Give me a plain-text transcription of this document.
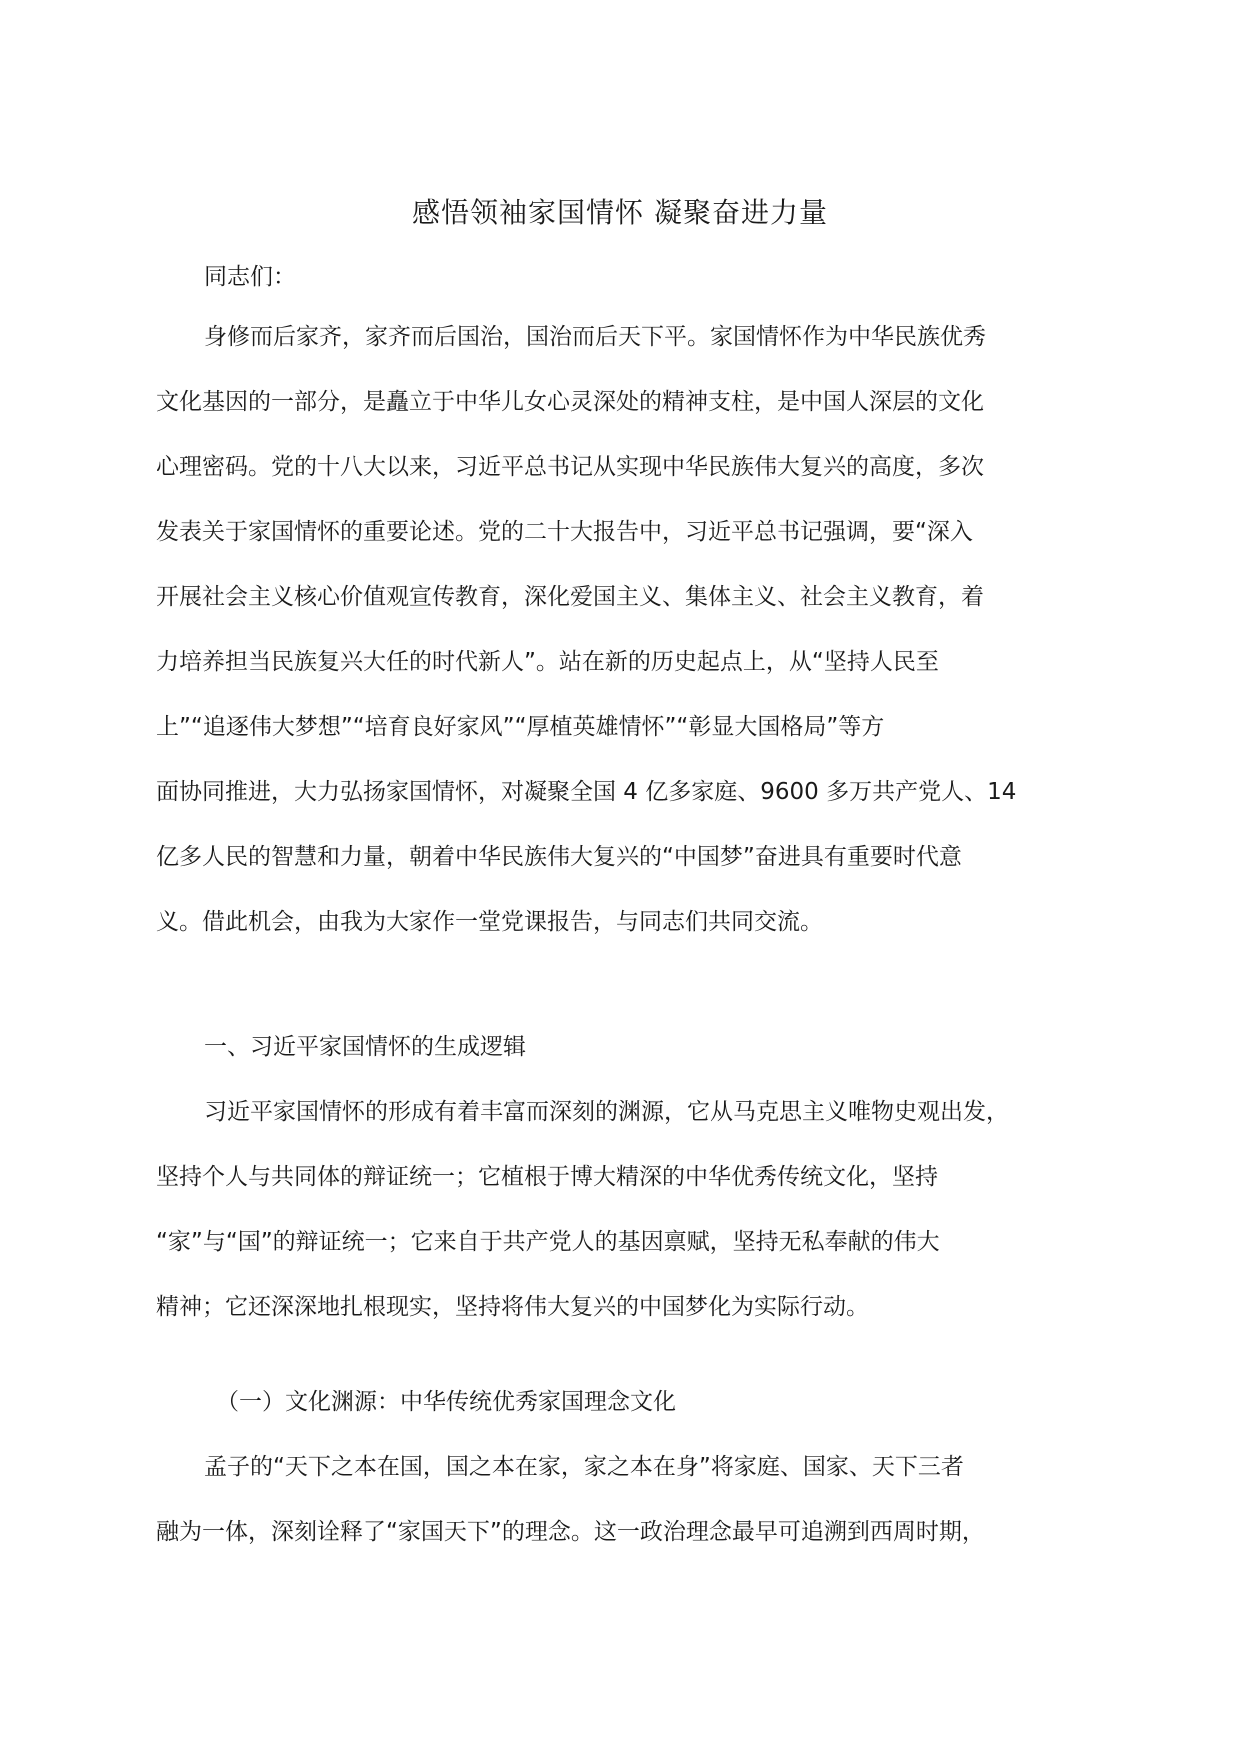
感悟领袖家国情怀 凝聚奋进力量
同志们：
身修而后家齐，家齐而后国治，国治而后天下平。家国情怀作为中华民族优秀
文化基因的一部分，是矗立于中华儿女心灵深处的精神支柱，是中国人深层的文化
心理密码。党的十八大以来，习近平总书记从实现中华民族伟大复兴的高度，多次
发表关于家国情怀的重要论述。党的二十大报告中，习近平总书记强调，要“深入
开展社会主义核心价值观宣传教育，深化爱国主义、集体主义、社会主义教育，着
力培养担当民族复兴大任的时代新人”。站在新的历史起点上，从“坚持人民至
上”“追逐伟大梦想”“培育良好家风”“厚植英雄情怀”“彰显大国格局”等方
面协同推进，大力弘扬家国情怀，对凝聚全国 4 亿多家庭、9600 多万共产党人、14
亿多人民的智慧和力量，朝着中华民族伟大复兴的“中国梦”奋进具有重要时代意
义。借此机会，由我为大家作一堂党课报告，与同志们共同交流。
一、习近平家国情怀的生成逻辑
习近平家国情怀的形成有着丰富而深刻的渊源，它从马克思主义唯物史观出发，
坚持个人与共同体的辩证统一；它植根于博大精深的中华优秀传统文化，坚持
“家”与“国”的辩证统一；它来自于共产党人的基因禀赋，坚持无私奉献的伟大
精神；它还深深地扎根现实，坚持将伟大复兴的中国梦化为实际行动。
（一）文化渊源：中华传统优秀家国理念文化
孟子的“天下之本在国，国之本在家，家之本在身”将家庭、国家、天下三者
融为一体，深刻诠释了“家国天下”的理念。这一政治理念最早可追溯到西周时期，
